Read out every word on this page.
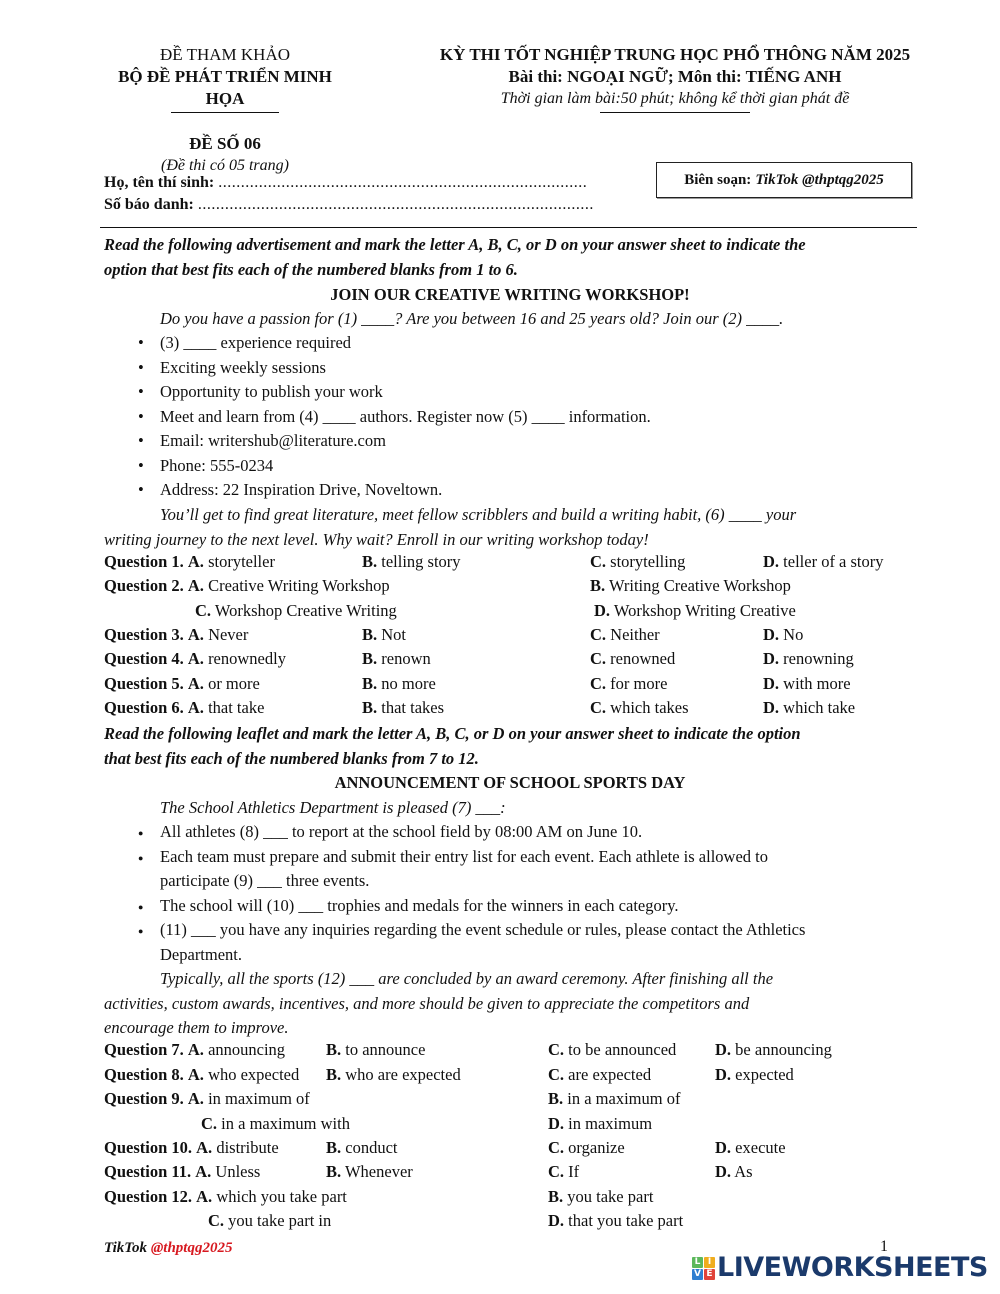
ĐỀ THAM KHẢO
BỘ ĐỀ PHÁT TRIỂN MINH HỌA
ĐỀ SỐ 06
(Đề thi có 05 trang)
KỲ THI TỐT NGHIỆP TRUNG HỌC PHỔ THÔNG NĂM 2025
Bài thi: NGOẠI NGỮ; Môn thi: TIẾNG ANH
Thời gian làm bài:50 phút; không kể thời gian phát đề
Họ, tên thí sinh: ..................................................................................
Số báo danh: ........................................................................................
Biên soạn: TikTok @thptqg2025
Read the following advertisement and mark the letter A, B, C, or D on your answer sheet to indicate the
option that best fits each of the numbered blanks from 1 to 6.
JOIN OUR CREATIVE WRITING WORKSHOP!
Do you have a passion for (1) ____? Are you between 16 and 25 years old? Join our (2) ____.
• (3) ____ experience required
• Exciting weekly sessions
• Opportunity to publish your work
• Meet and learn from (4) ____ authors. Register now (5) ____ information.
• Email: writershub@literature.com
• Phone: 555-0234
• Address: 22 Inspiration Drive, Noveltown.
You’ll get to find great literature, meet fellow scribblers and build a writing habit, (6) ____ your
writing journey to the next level. Why wait? Enroll in our writing workshop today!
Question 1. A. storyteller	B. telling story	C. storytelling	D. teller of a story
Question 2. A. Creative Writing Workshop	B. Writing Creative Workshop
C. Workshop Creative Writing	D. Workshop Writing Creative
Question 3. A. Never	B. Not	C. Neither	D. No
Question 4. A. renownedly	B. renown	C. renowned	D. renowning
Question 5. A. or more	B. no more	C. for more	D. with more
Question 6. A. that take	B. that takes	C. which takes	D. which take
Read the following leaflet and mark the letter A, B, C, or D on your answer sheet to indicate the option
that best fits each of the numbered blanks from 7 to 12.
ANNOUNCEMENT OF SCHOOL SPORTS DAY
The School Athletics Department is pleased (7) ___:
● All athletes (8) ___ to report at the school field by 08:00 AM on June 10.
● Each team must prepare and submit their entry list for each event. Each athlete is allowed to
participate (9) ___ three events.
● The school will (10) ___ trophies and medals for the winners in each category.
● (11) ___ you have any inquiries regarding the event schedule or rules, please contact the Athletics
Department.
Typically, all the sports (12) ___ are concluded by an award ceremony. After finishing all the
activities, custom awards, incentives, and more should be given to appreciate the competitors and
encourage them to improve.
Question 7. A. announcing B. to announce	C. to be announced D. be announcing
Question 8. A. who expected B. who are expected	C. are expected	D. expected
Question 9. A. in maximum of	B. in a maximum of
C. in a maximum with	D. in maximum
Question 10. A. distribute	B. conduct	C. organize	D. execute
Question 11. A. Unless	B. Whenever	C. If	D. As
Question 12. A. which you take part	B. you take part
C. you take part in	D. that you take part
TikTok @thptqg2025	1
L I
V E LIVEWORKSHEETS
